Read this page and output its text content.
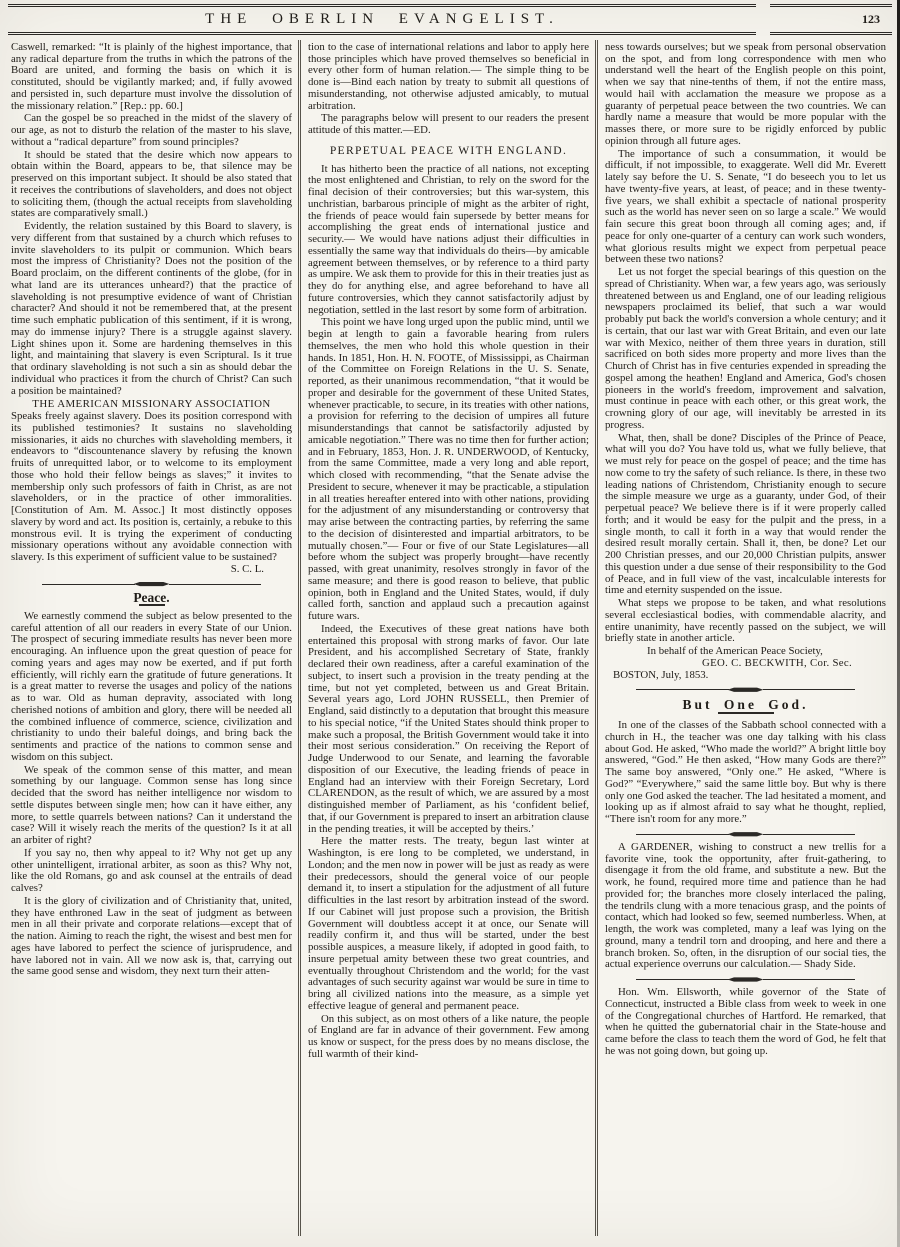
THE OBERLIN EVANGELIST.	123
Caswell, remarked: “It is plainly of the highest importance, that any radical departure from the truths in which the patrons of the Board are united, and forming the basis on which it is constituted, should be vigilantly marked; and, if fully avowed and persisted in, such departure must involve the dissolution of the missionary relation.” [Rep.: pp. 60.]
Can the gospel be so preached in the midst of the slavery of our age, as not to disturb the relation of the master to his slave, without a “radical departure” from sound principles?
It should be stated that the desire which now appears to obtain within the Board, appears to be, that silence may be preserved on this important subject. It should be also stated that it receives the contributions of slaveholders, and does not object to soliciting them, (though the actual receipts from slaveholding states are comparatively small.)
Evidently, the relation sustained by this Board to slavery, is very different from that sustained by a church which refuses to invite slaveholders to its pulpit or communion. Which bears most the impress of Christianity? Does not the position of the Board proclaim, on the different continents of the globe, (for in what land are its utterances unheard?) that the practice of slaveholding is not presumptive evidence of want of Christian character? And should it not be remembered that, at the present time such emphatic publication of this sentiment, if it is wrong, may do immense injury? There is a struggle against slavery. Light shines upon it. Some are hardening themselves in this light, and maintaining that slavery is even Scriptural. Is it true that ordinary slaveholding is not such a sin as should debar the individual who practices it from the church of Christ? Can such a position be maintained?
THE AMERICAN MISSIONARY ASSOCIATION
Speaks freely against slavery. Does its position correspond with its published testimonies? It sustains no slaveholding missionaries, it aids no churches with slaveholding members, it endeavors to “discountenance slavery by refusing the known fruits of unrequitted labor, or to welcome to its employment those who hold their fellow beings as slaves;” it invites to membership only such professors of faith in Christ, as are not slaveholders, or in the practice of other immoralities. [Constitution of Am. M. Assoc.] It most distinctly opposes slavery by word and act. Its position is, certainly, a rebuke to this monstrous evil. It is trying the experiment of conducting missionary operations without any avoidable connection with slavery. Is this experiment of sufficient value to be sustained?
S. C. L.
Peace.
We earnestly commend the subject as below presented to the careful attention of all our readers in every State of our Union. The prospect of securing immediate results has never been more encouraging. An influence upon the great question of peace for coming years and ages may now be exerted, and if put forth efficiently, will richly earn the gratitude of future generations. It is a great matter to reverse the usages and policy of the nations as to war. Old as human depravity, associated with long cherished notions of ambition and glory, there will be needed all the combined influence of commerce, science, civilization and christianity to undo their baleful doings, and bring back the sentiments and practice of the nations to common sense and wisdom on this subject.
We speak of the common sense of this matter, and mean something by our language. Common sense has long since decided that the sword has neither intelligence nor wisdom to settle disputes between single men; how can it have either, any more, to settle quarrels between nations? Can it understand the case? Will it wisely reach the merits of the question? Is it at all an arbiter of right?
If you say no, then why appeal to it? Why not get up any other unintelligent, irrational arbiter, as soon as this? Why not, like the old Romans, go and ask counsel at the entrails of dead calves?
It is the glory of civilization and of Christianity that, united, they have enthroned Law in the seat of judgment as between men in all their private and corporate relations—except that of the nation. Aiming to reach the right, the wisest and best men for ages have labored to perfect the science of jurisprudence, and have labored not in vain. All we now ask is, that, carrying out the same good sense and wisdom, they next turn their atten-
tion to the case of international relations and labor to apply here those principles which have proved themselves so beneficial in every other form of human relation.— The simple thing to be done is—Bind each nation by treaty to submit all questions of misunderstanding, not otherwise adjusted amicably, to mutual arbitration.
The paragraphs below will present to our readers the present attitude of this matter.—ED.
PERPETUAL PEACE WITH ENGLAND.
It has hitherto been the practice of all nations, not excepting the most enlightened and Christian, to rely on the sword for the final decision of their controversies; but this war-system, this unchristian, barbarous principle of might as the arbiter of right, the friends of peace would fain supersede by better means for accomplishing the great ends of international justice and security.— We would have nations adjust their difficulties in essentially the same way that individuals do theirs—by amicable agreement between themselves, or by reference to a third party as umpire. We ask them to provide for this in their treaties just as they do for anything else, and agree beforehand to have all future controversies, which they cannot satisfactorily adjust by negotiation, settled in the last resort by some form of arbitration.
This point we have long urged upon the public mind, until we begin at length to gain a favorable hearing from rulers themselves, the men who hold this whole question in their hands. In 1851, Hon. H. N. FOOTE, of Mississippi, as Chairman of the Committee on Foreign Relations in the U. S. Senate, reported, as their unanimous recommendation, “that it would be proper and desirable for the government of these United States, whenever practicable, to secure, in its treaties with other nations, a provision for referring to the decision of umpires all future misunderstandings that cannot be satisfactorily adjusted by amicable negotiation.” There was no time then for further action; and in February, 1853, Hon. J. R. UNDERWOOD, of Kentucky, from the same Committee, made a very long and able report, which closed with recommending, “that the Senate advise the President to secure, whenever it may be practicable, a stipulation in all treaties hereafter entered into with other nations, providing for the adjustment of any misunderstanding or controversy that may arise between the contracting parties, by referring the same to the decision of disinterested and impartial arbitrators, to be mutually chosen.”— Four or five of our State Legislatures—all before whom the subject was properly brought—have recently passed, with great unanimity, resolves strongly in favor of the same measure; and there is good reason to believe, that public opinion, both in England and the United States, would, if duly called forth, sanction and applaud such a precaution against future wars.
Indeed, the Executives of these great nations have both entertained this proposal with strong marks of favor. Our late President, and his accomplished Secretary of State, frankly declared their own readiness, after a careful examination of the subject, to insert such a provision in the treaty pending at the time, but not yet completed, between us and Great Britain. Several years ago, Lord JOHN RUSSELL, then Premier of England, said distinctly to a deputation that brought this measure to his special notice, “if the United States should think proper to make such a proposal, the British Government would take it into their most serious consideration.” On receiving the Report of Judge Underwood to our Senate, and learning the favorable disposition of our Executive, the leading friends of peace in England had an interview with their Foreign Secretary, Lord CLARENDON, as the result of which, we are assured by a most distinguished member of Parliament, as his ‘confident belief, that, if our Government is prepared to insert an arbitration clause in the pending treaties, it will be accepted by theirs.’
Here the matter rests. The treaty, begun last winter at Washington, is ere long to be completed, we understand, in London; and the men now in power will be just as ready as were their predecessors, should the general voice of our people demand it, to insert a stipulation for the adjustment of all future difficulties in the last resort by arbitration instead of the sword. If our Cabinet will just propose such a provision, the British Government will doubtless accept it at once, our Senate will readily confirm it, and thus will be started, under the best possible auspices, a measure likely, if adopted in good faith, to insure perpetual amity between these two great countries, and eventually throughout Christendom and the world; for the vast advantages of such security against war would be sure in time to bring all civilized nations into the measure, as a simple yet effective league of general and permanent peace.
On this subject, as on most others of a like nature, the people of England are far in advance of their government. Few among us know or suspect, for the press does by no means disclose, the full warmth of their kind-
ness towards ourselves; but we speak from personal observation on the spot, and from long correspondence with men who understand well the heart of the English people on this point, when we say that nine-tenths of them, if not the entire mass, would hail with acclamation the measure we propose as a guaranty of perpetual peace between the two countries. We can hardly name a measure that would be more popular with the masses there, or more sure to be rigidly enforced by public opinion through all future ages.
The importance of such a consummation, it would be difficult, if not impossible, to exaggerate. Well did Mr. Everett lately say before the U. S. Senate, “I do beseech you to let us have twenty-five years, at least, of peace; and in these twenty-five years, we shall exhibit a spectacle of national prosperity such as the world has never seen on so large a scale.” We would fain secure this great boon through all coming ages; and, if peace for only one-quarter of a century can work such wonders, what glorious results might we expect from perpetual peace between these two nations?
Let us not forget the special bearings of this question on the spread of Christianity. When war, a few years ago, was seriously threatened between us and England, one of our leading religious newspapers proclaimed its belief, that such a war would probably put back the world's conversion a whole century; and it is certain, that our last war with Great Britain, and even our late war with Mexico, neither of them three years in duration, still sacrificed on both sides more property and more lives than the Church of Christ has in five centuries expended in spreading the gospel among the heathen! England and America, God's chosen pioneers in the world's freedom, improvement and salvation, must continue in peace with each other, or this great work, the crowning glory of our age, will inevitably be arrested in its progress.
What, then, shall be done? Disciples of the Prince of Peace, what will you do? You have told us, what we fully believe, that we must rely for peace on the gospel of peace; and the time has now come to try the safety of such reliance. Is there, in these two leading nations of Christendom, Christianity enough to secure the simple measure we urge as a guaranty, under God, of their perpetual peace? We believe there is if it were properly called forth; and it would be easy for the pulpit and the press, in a single month, to call it forth in a way that would render the desired result morally certain. Shall it, then, be done? Let our 200 Christian presses, and our 20,000 Christian pulpits, answer this question under a due sense of their responsibility to the God of Peace, and in full view of the vast, incalculable interests for time and eternity suspended on the issue.
What steps we propose to be taken, and what resolutions several ecclesiastical bodies, with commendable alacrity, and entire unanimity, have recently passed on the subject, we will briefly state in another article.
In behalf of the American Peace Society,
GEO. C. BECKWITH, Cor. Sec.
BOSTON, July, 1853.
But One God.
In one of the classes of the Sabbath school connected with a church in H., the teacher was one day talking with his class about God. He asked, “Who made the world?” A bright little boy answered, “God.” He then asked, “How many Gods are there?” The same boy answered, “Only one.” He asked, “Where is God?” “Everywhere,” said the same little boy. But why is there only one God asked the teacher. The lad hesitated a moment, and looking up as if almost afraid to say what he thought, replied, “There isn't room for any more.”
A GARDENER, wishing to construct a new trellis for a favorite vine, took the opportunity, after fruit-gathering, to disengage it from the old frame, and substitute a new. But the work, he found, required more time and patience than he had provided for; the branches more closely interlaced the paling, the tendrils clung with a more tenacious grasp, and the points of contact, which had looked so few, seemed numberless. When, at length, the work was completed, many a leaf was lying on the ground, many a tendril torn and drooping, and here and there a branch broken. So, often, in the disruption of our social ties, the actual experience overruns our calculation.— Shady Side.
Hon. Wm. Ellsworth, while governor of the State of Connecticut, instructed a Bible class from week to week in one of the Congregational churches of Hartford. He remarked, that when he quitted the gubernatorial chair in the State-house and came before the class to teach them the word of God, he felt that he was not going down, but going up.
